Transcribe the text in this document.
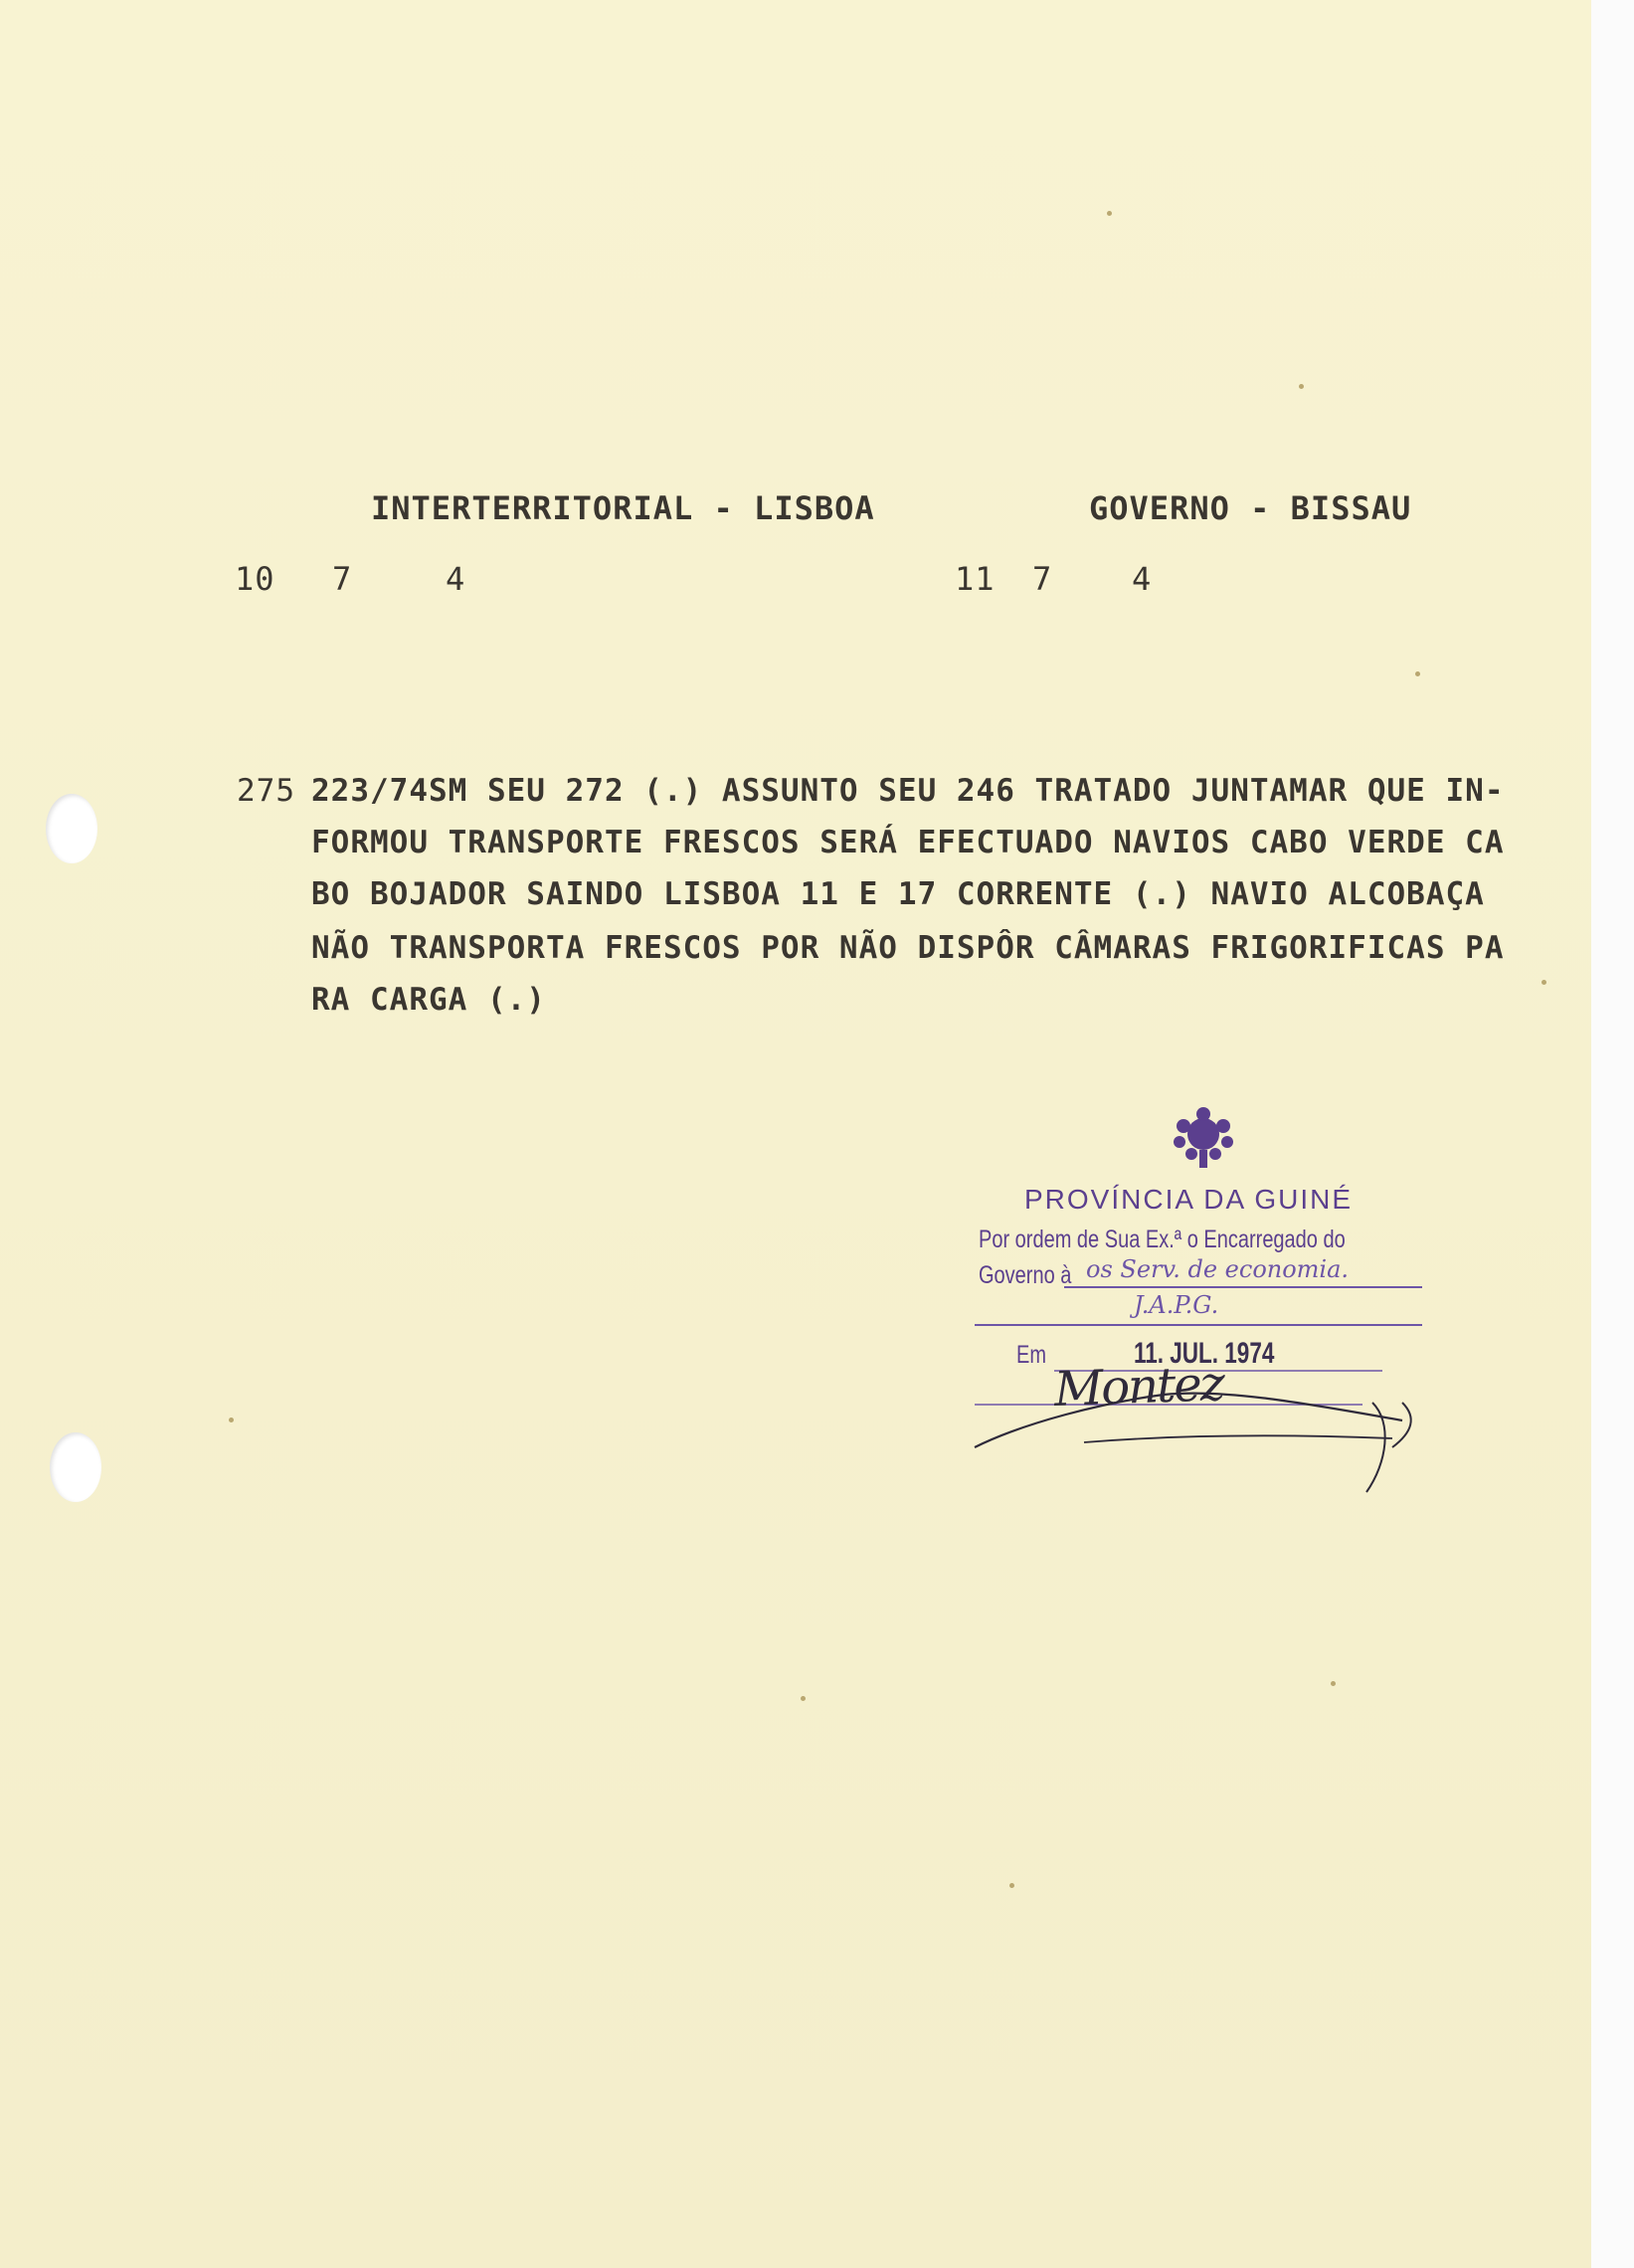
INTERTERRITORIAL - LISBOA	GOVERNO - BISSAU
10 7	4	11 7 4
275 223/74SM SEU 272 (.) ASSUNTO SEU 246 TRATADO JUNTAMAR QUE IN-
FORMOU TRANSPORTE FRESCOS SERÁ EFECTUADO NAVIOS CABO VERDE CA
BO BOJADOR SAINDO LISBOA 11 E 17 CORRENTE (.) NAVIO ALCOBAÇA
NÃO TRANSPORTA FRESCOS POR NÃO DISPÔR CÂMARAS FRIGORIFICAS PA
RA CARGA (.)
PROVÍNCIA DA GUINÉ
Por ordem de Sua Ex.ª o Encarregado do
Governo à os Serv. de economia.
J.A.P.G.
Em	11. JUL. 1974
Montez
